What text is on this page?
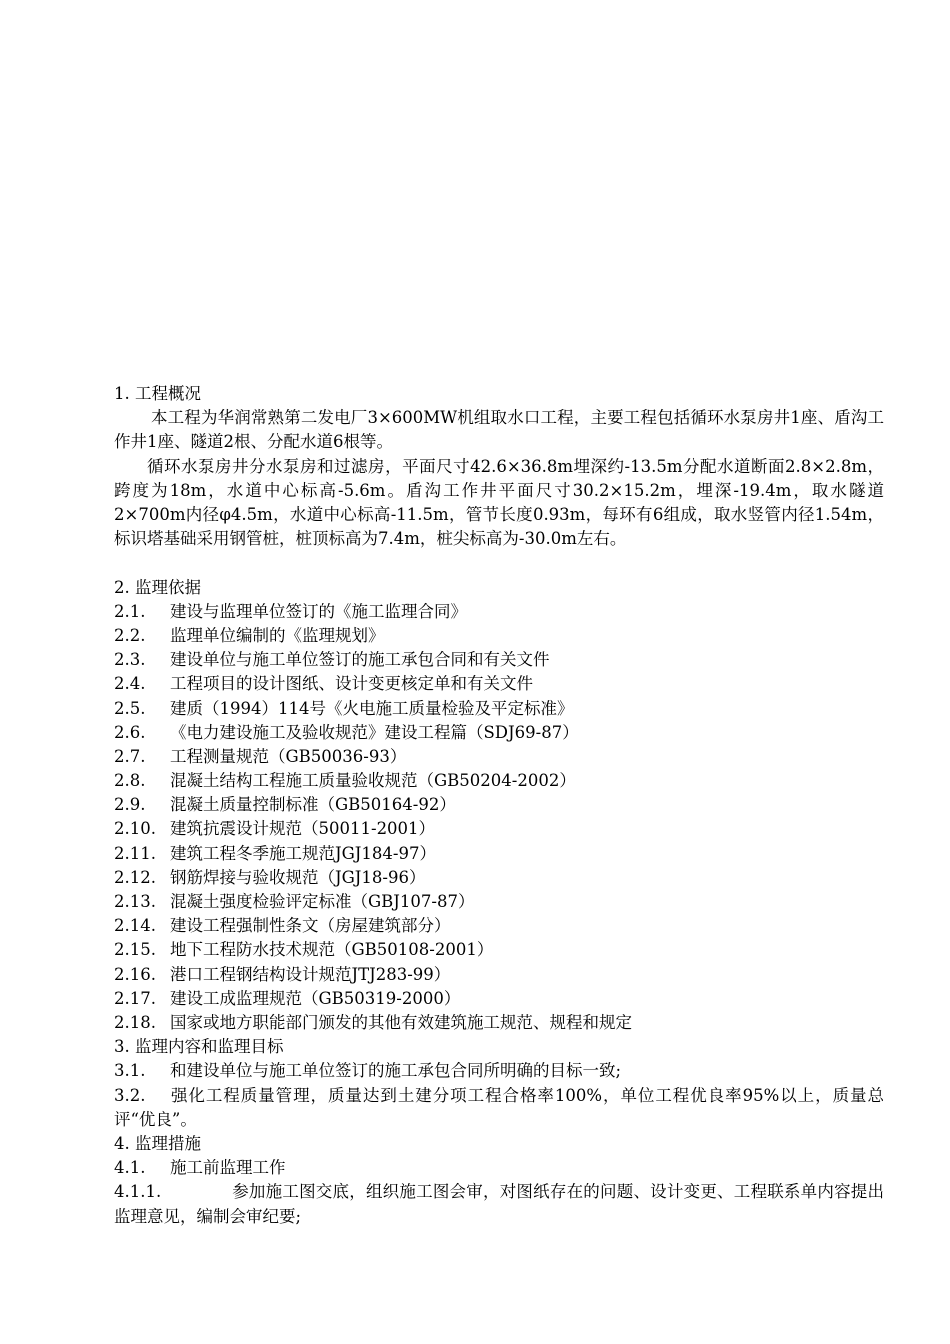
1. 工程概况

本工程为华润常熟第二发电厂3×600MW机组取水口工程，主要工程包括循环水泵房井1座、盾沟工作井1座、隧道2根、分配水道6根等。

循环水泵房井分水泵房和过滤房，平面尺寸42.6×36.8m埋深约-13.5m分配水道断面2.8×2.8m，跨度为18m，水道中心标高-5.6m。盾沟工作井平面尺寸30.2×15.2m，埋深-19.4m，取水隧道2×700m内径φ4.5m，水道中心标高-11.5m，管节长度0.93m，每环有6组成，取水竖管内径1.54m，标识塔基础采用钢管桩，桩顶标高为7.4m，桩尖标高为-30.0m左右。

2. 监理依据

2.1. 建设与监理单位签订的《施工监理合同》

2.2. 监理单位编制的《监理规划》

2.3. 建设单位与施工单位签订的施工承包合同和有关文件

2.4. 工程项目的设计图纸、设计变更核定单和有关文件

2.5. 建质（1994）114号《火电施工质量检验及平定标准》

2.6. 《电力建设施工及验收规范》建设工程篇（SDJ69-87）

2.7. 工程测量规范（GB50036-93）

2.8. 混凝土结构工程施工质量验收规范（GB50204-2002）

2.9. 混凝土质量控制标准（GB50164-92）

2.10. 建筑抗震设计规范（50011-2001）

2.11. 建筑工程冬季施工规范JGJ184-97）

2.12. 钢筋焊接与验收规范（JGJ18-96）

2.13. 混凝土强度检验评定标准（GBJ107-87）

2.14. 建设工程强制性条文（房屋建筑部分）

2.15. 地下工程防水技术规范（GB50108-2001）

2.16. 港口工程钢结构设计规范JTJ283-99）

2.17. 建设工成监理规范（GB50319-2000）

2.18. 国家或地方职能部门颁发的其他有效建筑施工规范、规程和规定

3. 监理内容和监理目标

3.1. 和建设单位与施工单位签订的施工承包合同所明确的目标一致;

3.2. 强化工程质量管理，质量达到土建分项工程合格率100%，单位工程优良率95%以上，质量总评“优良”。

4. 监理措施

4.1. 施工前监理工作

4.1.1.	参加施工图交底，组织施工图会审，对图纸存在的问题、设计变更、工程联系单内容提出监理意见，编制会审纪要;
